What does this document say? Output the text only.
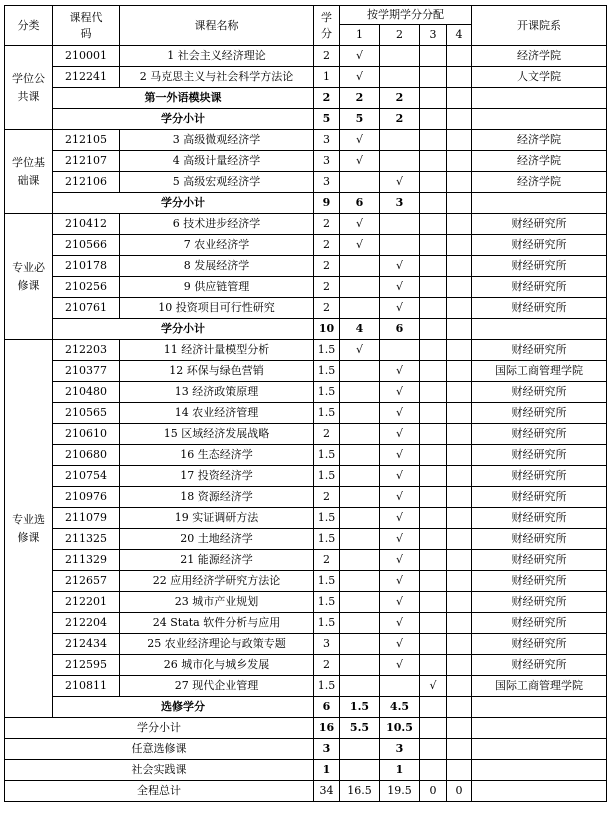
分类	课程代码	课程名称	学分	按学期学分分配				开课院系
				1	2	3	4	
学位公共课	210001	1 社会主义经济理论	2	√				经济学院
	212241	2 马克思主义与社会科学方法论	1	√				人文学院
	第一外语模块课		2	2	2			
	学分小计		5	5	2			
学位基础课	212105	3 高级微观经济学	3	√				经济学院
	212107	4 高级计量经济学	3	√				经济学院
	212106	5 高级宏观经济学	3		√			经济学院
	学分小计		9	6	3			
专业必修课	210412	6 技术进步经济学	2	√				财经研究所
	210566	7 农业经济学	2	√				财经研究所
	210178	8 发展经济学	2		√			财经研究所
	210256	9 供应链管理	2		√			财经研究所
	210761	10 投资项目可行性研究	2		√			财经研究所
	学分小计		10	4	6			
专业选修课	212203	11 经济计量模型分析	1.5	√				财经研究所
	210377	12 环保与绿色营销	1.5		√			国际工商管理学院
	210480	13 经济政策原理	1.5		√			财经研究所
	210565	14 农业经济管理	1.5		√			财经研究所
	210610	15 区域经济发展战略	2		√			财经研究所
	210680	16 生态经济学	1.5		√			财经研究所
	210754	17 投资经济学	1.5		√			财经研究所
	210976	18 资源经济学	2		√			财经研究所
	211079	19 实证调研方法	1.5		√			财经研究所
	211325	20 土地经济学	1.5		√			财经研究所
	211329	21 能源经济学	2		√			财经研究所
	212657	22 应用经济学研究方法论	1.5		√			财经研究所
	212201	23 城市产业规划	1.5		√			财经研究所
	212204	24 Stata 软件分析与应用	1.5		√			财经研究所
	212434	25 农业经济理论与政策专题	3		√			财经研究所
	212595	26 城市化与城乡发展	2		√			财经研究所
	210811	27 现代企业管理	1.5			√		国际工商管理学院
	选修学分		6	1.5	4.5			
学分小计			16	5.5	10.5			
任意选修课			3		3			
社会实践课			1		1			
全程总计			34	16.5	19.5	0	0	
